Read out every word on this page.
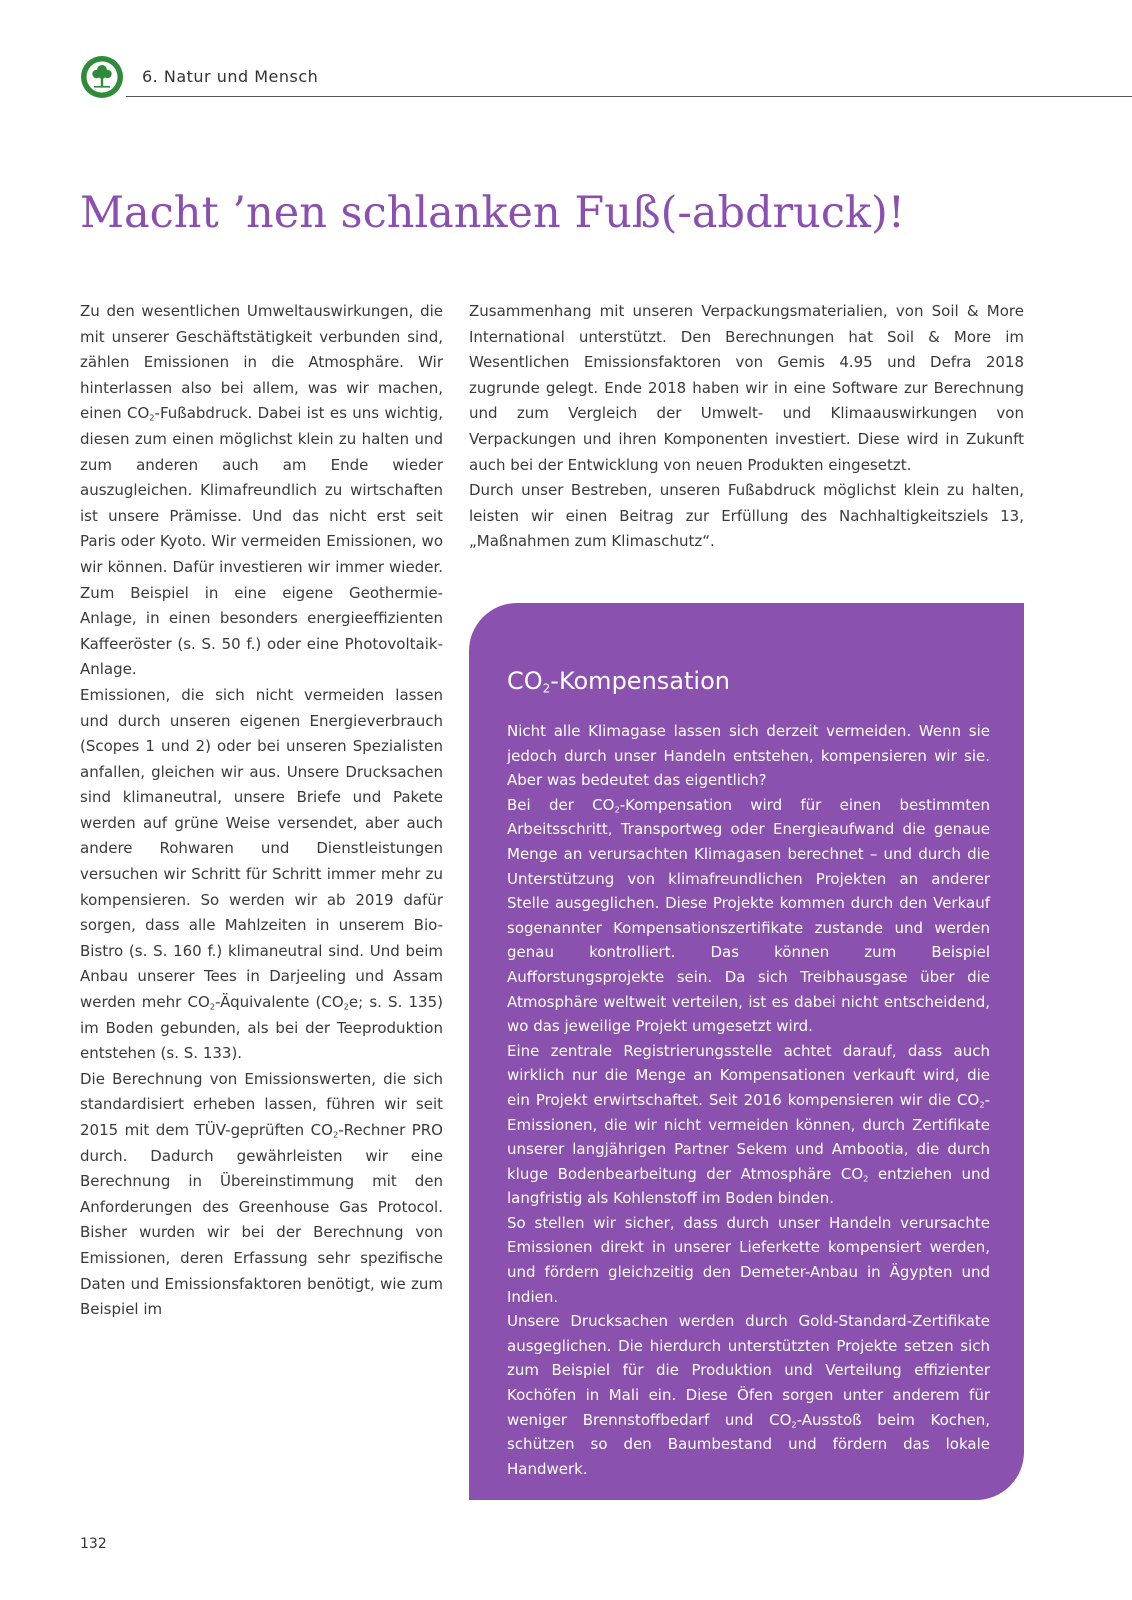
6. Natur und Mensch
Macht ’nen schlanken Fuß(-abdruck)!

Zu den wesentlichen Umweltauswirkungen, die mit unserer Geschäftstätigkeit verbunden sind, zählen Emissionen in die Atmosphäre. Wir hinterlassen also bei allem, was wir machen, einen $CO_2$-Fußabdruck. Dabei ist es uns wichtig, diesen zum einen möglichst klein zu halten und zum anderen auch am Ende wieder auszugleichen. Klimafreundlich zu wirtschaften ist unsere Prämisse. Und das nicht erst seit Paris oder Kyoto. Wir vermeiden Emissionen, wo wir können. Dafür investieren wir immer wieder. Zum Beispiel in eine eigene Geothermie-Anlage, in einen besonders energieeffizienten Kaffeeröster (s. S. 50 f.) oder eine Photovoltaik-Anlage.

Emissionen, die sich nicht vermeiden lassen und durch unseren eigenen Energieverbrauch (Scopes 1 und 2) oder bei unseren Spezialisten anfallen, gleichen wir aus. Unsere Drucksachen sind klimaneutral, unsere Briefe und Pakete werden auf grüne Weise versendet, aber auch andere Rohwaren und Dienstleistungen versuchen wir Schritt für Schritt immer mehr zu kompensieren. So werden wir ab 2019 dafür sorgen, dass alle Mahlzeiten in unserem Bio-Bistro (s. S. 160 f.) klimaneutral sind. Und beim Anbau unserer Tees in Darjeeling und Assam werden mehr $CO_2$-Äquivalente ($CO_2e$; s. S. 135) im Boden gebunden, als bei der Teeproduktion entstehen (s. S. 133).

Die Berechnung von Emissionswerten, die sich standardisiert erheben lassen, führen wir seit 2015 mit dem TÜV-geprüften $CO_2$-Rechner PRO durch. Dadurch gewährleisten wir eine Berechnung in Übereinstimmung mit den Anforderungen des Greenhouse Gas Protocol. Bisher wurden wir bei der Berechnung von Emissionen, deren Erfassung sehr spezifische Daten und Emissionsfaktoren benötigt, wie zum Beispiel im

Zusammenhang mit unseren Verpackungsmaterialien, von Soil & More International unterstützt. Den Berechnungen hat Soil & More im Wesentlichen Emissionsfaktoren von Gemis 4.95 und Defra 2018 zugrunde gelegt. Ende 2018 haben wir in eine Software zur Berechnung und zum Vergleich der Umwelt- und Klimaauswirkungen von Verpackungen und ihren Komponenten investiert. Diese wird in Zukunft auch bei der Entwicklung von neuen Produkten eingesetzt.

Durch unser Bestreben, unseren Fußabdruck möglichst klein zu halten, leisten wir einen Beitrag zur Erfüllung des Nachhaltigkeitsziels 13, „Maßnahmen zum Klimaschutz“.

$CO_2$-Kompensation

Nicht alle Klimagase lassen sich derzeit vermeiden. Wenn sie jedoch durch unser Handeln entstehen, kompensieren wir sie. Aber was bedeutet das eigentlich?

Bei der $CO_2$-Kompensation wird für einen bestimmten Arbeitsschritt, Transportweg oder Energieaufwand die genaue Menge an verursachten Klimagasen berechnet – und durch die Unterstützung von klimafreundlichen Projekten an anderer Stelle ausgeglichen. Diese Projekte kommen durch den Verkauf sogenannter Kompensationszertifikate zustande und werden genau kontrolliert. Das können zum Beispiel Aufforstungsprojekte sein. Da sich Treibhausgase über die Atmosphäre weltweit verteilen, ist es dabei nicht entscheidend, wo das jeweilige Projekt umgesetzt wird.

Eine zentrale Registrierungsstelle achtet darauf, dass auch wirklich nur die Menge an Kompensationen verkauft wird, die ein Projekt erwirtschaftet. Seit 2016 kompensieren wir die $CO_2$-Emissionen, die wir nicht vermeiden können, durch Zertifikate unserer langjährigen Partner Sekem und Ambootia, die durch kluge Bodenbearbeitung der Atmosphäre $CO_2$ entziehen und langfristig als Kohlenstoff im Boden binden.

So stellen wir sicher, dass durch unser Handeln verursachte Emissionen direkt in unserer Lieferkette kompensiert werden, und fördern gleichzeitig den Demeter-Anbau in Ägypten und Indien.

Unsere Drucksachen werden durch Gold-Standard-Zertifikate ausgeglichen. Die hierdurch unterstützten Projekte setzen sich zum Beispiel für die Produktion und Verteilung effizienter Kochöfen in Mali ein. Diese Öfen sorgen unter anderem für weniger Brennstoffbedarf und $CO_2$-Ausstoß beim Kochen, schützen so den Baumbestand und fördern das lokale Handwerk.

132
